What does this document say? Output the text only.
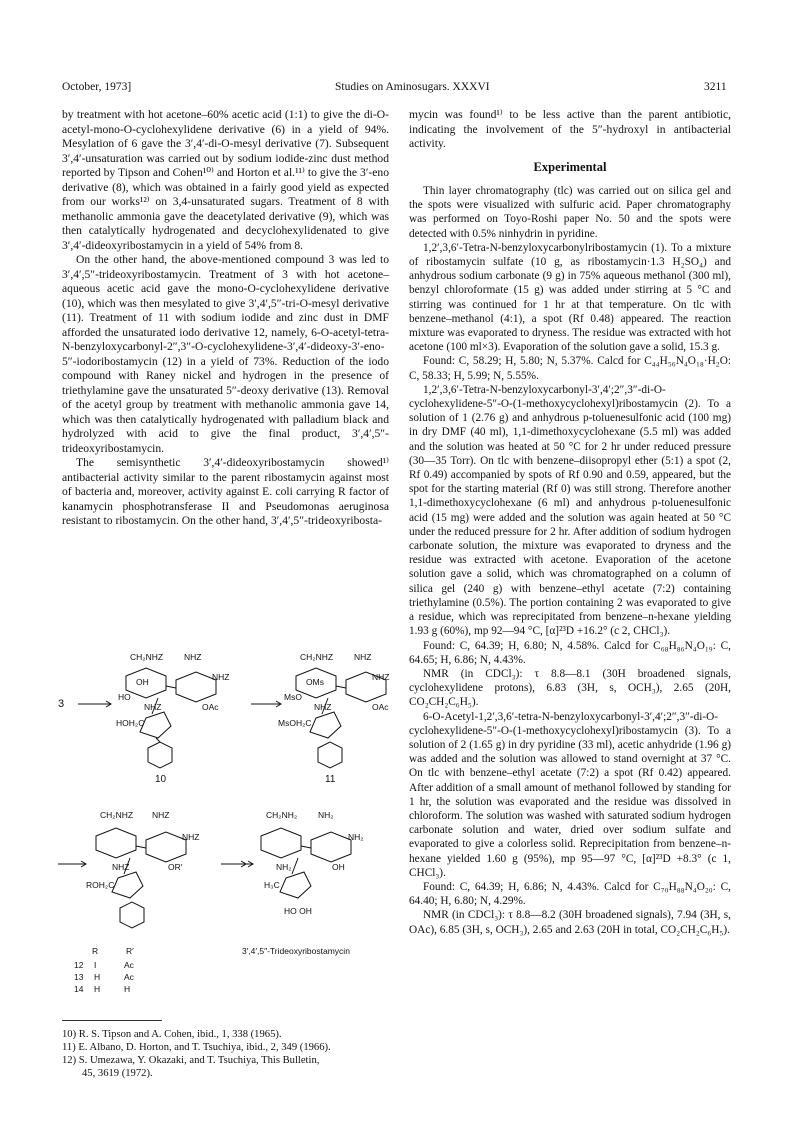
October, 1973]	Studies on Aminosugars. XXXVI	3211

by treatment with hot acetone–60% acetic acid (1:1) to give the di-O-acetyl-mono-O-cyclohexylidene derivative (6) in a yield of 94%. Mesylation of 6 gave the 3′,4′-di-O-mesyl derivative (7). Subsequent 3′,4′-unsaturation was carried out by sodium iodide-zinc dust method reported by Tipson and Cohen¹⁰⁾ and Horton et al.¹¹⁾ to give the 3′-eno derivative (8), which was obtained in a fairly good yield as expected from our works¹²⁾ on 3,4-unsaturated sugars. Treatment of 8 with methanolic ammonia gave the deacetylated derivative (9), which was then catalytically hydrogenated and decyclohexylidenated to give 3′,4′-dideoxyribostamycin in a yield of 54% from 8.

On the other hand, the above-mentioned compound 3 was led to 3′,4′,5″-trideoxyribostamycin. Treatment of 3 with hot acetone–aqueous acetic acid gave the mono-O-cyclohexylidene derivative (10), which was then mesylated to give 3′,4′,5″-tri-O-mesyl derivative (11). Treatment of 11 with sodium iodide and zinc dust in DMF afforded the unsaturated iodo derivative 12, namely, 6-O-acetyl-tetra-N-benzyloxycarbonyl-2″,3″-O-cyclohexylidene-3′,4′-dideoxy-3′-eno-5″-iodoribostamycin (12) in a yield of 73%. Reduction of the iodo compound with Raney nickel and hydrogen in the presence of triethylamine gave the unsaturated 5″-deoxy derivative (13). Removal of the acetyl group by treatment with methanolic ammonia gave 14, which was then catalytically hydrogenated with palladium black and hydrolyzed with acid to give the final product, 3′,4′,5″-trideoxyribostamycin.

The semisynthetic 3′,4′-dideoxyribostamycin showed¹⁾ antibacterial activity similar to the parent ribostamycin against most of bacteria and, moreover, activity against E. coli carrying R factor of kanamycin phosphotransferase II and Pseudomonas aeruginosa resistant to ribostamycin. On the other hand, 3′,4′,5″-trideoxyribosta-

mycin was found¹⁾ to be less active than the parent antibiotic, indicating the involvement of the 5″-hydroxyl in antibacterial activity.

Experimental

Thin layer chromatography (tlc) was carried out on silica gel and the spots were visualized with sulfuric acid. Paper chromatography was performed on Toyo-Roshi paper No. 50 and the spots were detected with 0.5% ninhydrin in pyridine.

1,2′,3,6′-Tetra-N-benzyloxycarbonylribostamycin (1). To a mixture of ribostamycin sulfate (10 g, as ribostamycin·1.3 H₂SO₄) and anhydrous sodium carbonate (9 g) in 75% aqueous methanol (300 ml), benzyl chloroformate (15 g) was added under stirring at 5 °C and stirring was continued for 1 hr at that temperature. On tlc with benzene–methanol (4:1), a spot (Rf 0.48) appeared. The reaction mixture was evaporated to dryness. The residue was extracted with hot acetone (100 ml×3). Evaporation of the solution gave a solid, 15.3 g.

Found: C, 58.29; H, 5.80; N, 5.37%. Calcd for C₄₄H₅₆N₄O₁₈·H₂O: C, 58.33; H, 5.99; N, 5.55%.

1,2′,3,6′-Tetra-N-benzyloxycarbonyl-3′,4′;2″,3″-di-O-cyclohexylidene-5″-O-(1-methoxycyclohexyl)ribostamycin (2). To a solution of 1 (2.76 g) and anhydrous p-toluenesulfonic acid (100 mg) in dry DMF (40 ml), 1,1-dimethoxycyclohexane (5.5 ml) was added and the solution was heated at 50 °C for 2 hr under reduced pressure (30—35 Torr). On tlc with benzene–diisopropyl ether (5:1) a spot (2, Rf 0.49) accompanied by spots of Rf 0.90 and 0.59, appeared, but the spot for the starting material (Rf 0) was still strong. Therefore another 1,1-dimethoxycyclohexane (6 ml) and anhydrous p-toluenesulfonic acid (15 mg) were added and the solution was again heated at 50 °C under the reduced pressure for 2 hr. After addition of sodium hydrogen carbonate solution, the mixture was evaporated to dryness and the residue was extracted with acetone. Evaporation of the acetone solution gave a solid, which was chromatographed on a column of silica gel (240 g) with benzene–ethyl acetate (7:2) containing triethylamine (0.5%). The portion containing 2 was evaporated to give a residue, which was reprecipitated from benzene–n-hexane yielding 1.93 g (60%), mp 92—94 °C, [α]²³D +16.2° (c 2, CHCl₃).

Found: C, 64.39; H, 6.80; N, 4.58%. Calcd for C₆₈H₈₆N₄O₁₉: C, 64.65; H, 6.86; N, 4.43%.

NMR (in CDCl₃): τ 8.8—8.1 (30H broadened signals, cyclohexylidene protons), 6.83 (3H, s, OCH₃), 2.65 (20H, CO₂CH₂C₆H₅).

6-O-Acetyl-1,2′,3,6′-tetra-N-benzyloxycarbonyl-3′,4′;2″,3″-di-O-cyclohexylidene-5″-O-(1-methoxycyclohexyl)ribostamycin (3). To a solution of 2 (1.65 g) in dry pyridine (33 ml), acetic anhydride (1.96 g) was added and the solution was allowed to stand overnight at 37 °C. On tlc with benzene–ethyl acetate (7:2) a spot (Rf 0.42) appeared. After addition of a small amount of methanol followed by standing for 1 hr, the solution was evaporated and the residue was dissolved in chloroform. The solution was washed with saturated sodium hydrogen carbonate solution and water, dried over sodium sulfate and evaporated to give a colorless solid. Reprecipitation from benzene–n-hexane yielded 1.60 g (95%), mp 95—97 °C, [α]²³D +8.3° (c 1, CHCl₃).

Found: C, 64.39; H, 6.86; N, 4.43%. Calcd for C₇₀H₈₈N₄O₂₀: C, 64.40; H, 6.80; N, 4.29%.

NMR (in CDCl₃): τ 8.8—8.2 (30H broadened signals), 7.94 (3H, s, OAc), 6.85 (3H, s, OCH₃), 2.65 and 2.63 (20H in total, CO₂CH₂C₆H₅).

3
CH₂NHZ NHZ
NHZ
OH
HO
NHZ	OAc
HOH₂C
10
CH₂NHZ NHZ
NHZ
OMs
MsO
NHZ	OAc
MsOH₂C
11
CH₂NHZ NHZ
NHZ
NHZ	OR′
ROH₂C
CH₂NH₂ NH₂
NH₂
NH₂	OH
H₃C
HO OH
3′,4′,5″-Trideoxyribostamycin
R	R′
12 I	Ac
13 H	Ac
14 H	H
10) R. S. Tipson and A. Cohen, ibid., 1, 338 (1965).
11) E. Albano, D. Horton, and T. Tsuchiya, ibid., 2, 349 (1966).
12) S. Umezawa, Y. Okazaki, and T. Tsuchiya, This Bulletin,
45, 3619 (1972).
